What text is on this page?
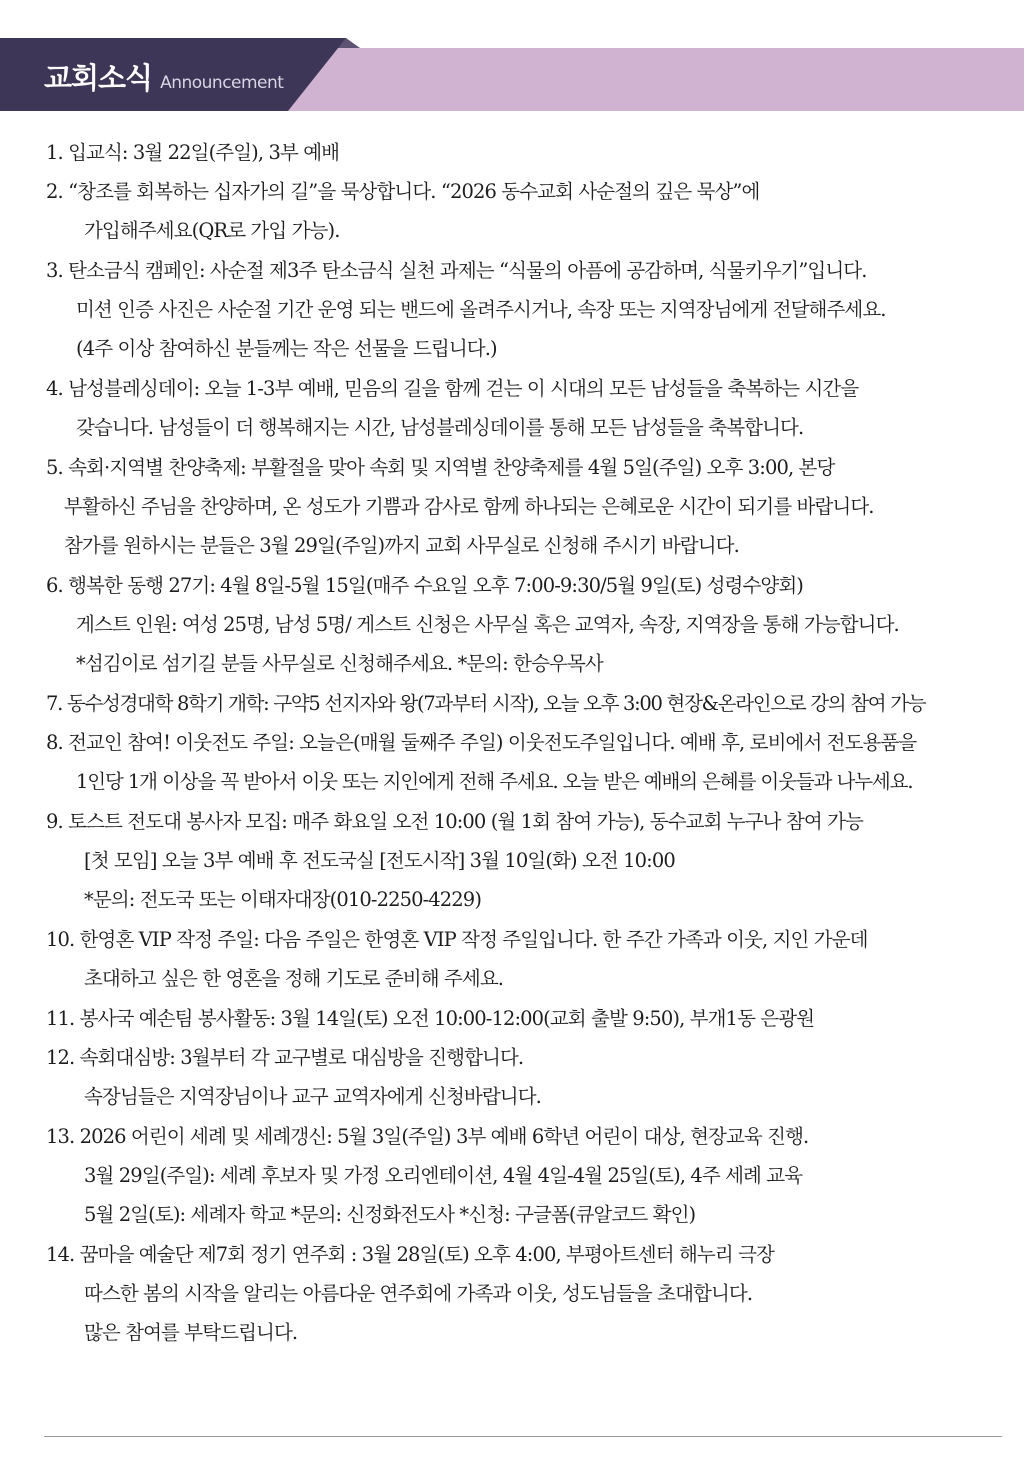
교회소식 Announcement
1. 입교식: 3월 22일(주일), 3부 예배
2. “창조를 회복하는 십자가의 길”을 묵상합니다. “2026 동수교회 사순절의 깊은 묵상”에
가입해주세요(QR로 가입 가능).
3. 탄소금식 캠페인: 사순절 제3주 탄소금식 실천 과제는 “식물의 아픔에 공감하며, 식물키우기”입니다.
미션 인증 사진은 사순절 기간 운영 되는 밴드에 올려주시거나, 속장 또는 지역장님에게 전달해주세요.
(4주 이상 참여하신 분들께는 작은 선물을 드립니다.)
4. 남성블레싱데이: 오늘 1-3부 예배, 믿음의 길을 함께 걷는 이 시대의 모든 남성들을 축복하는 시간을
갖습니다. 남성들이 더 행복해지는 시간, 남성블레싱데이를 통해 모든 남성들을 축복합니다.
5. 속회·지역별 찬양축제: 부활절을 맞아 속회 및 지역별 찬양축제를 4월 5일(주일) 오후 3:00, 본당
부활하신 주님을 찬양하며, 온 성도가 기쁨과 감사로 함께 하나되는 은혜로운 시간이 되기를 바랍니다.
참가를 원하시는 분들은 3월 29일(주일)까지 교회 사무실로 신청해 주시기 바랍니다.
6. 행복한 동행 27기: 4월 8일-5월 15일(매주 수요일 오후 7:00-9:30/5월 9일(토) 성령수양회)
게스트 인원: 여성 25명, 남성 5명/ 게스트 신청은 사무실 혹은 교역자, 속장, 지역장을 통해 가능합니다.
*섬김이로 섬기길 분들 사무실로 신청해주세요. *문의: 한승우목사
7. 동수성경대학 8학기 개학: 구약5 선지자와 왕(7과부터 시작), 오늘 오후 3:00 현장&온라인으로 강의 참여 가능
8. 전교인 참여! 이웃전도 주일: 오늘은(매월 둘째주 주일) 이웃전도주일입니다. 예배 후, 로비에서 전도용품을
1인당 1개 이상을 꼭 받아서 이웃 또는 지인에게 전해 주세요. 오늘 받은 예배의 은혜를 이웃들과 나누세요.
9. 토스트 전도대 봉사자 모집: 매주 화요일 오전 10:00 (월 1회 참여 가능), 동수교회 누구나 참여 가능
[첫 모임] 오늘 3부 예배 후 전도국실 [전도시작] 3월 10일(화) 오전 10:00
*문의: 전도국 또는 이태자대장(010-2250-4229)
10. 한영혼 VIP 작정 주일: 다음 주일은 한영혼 VIP 작정 주일입니다. 한 주간 가족과 이웃, 지인 가운데
초대하고 싶은 한 영혼을 정해 기도로 준비해 주세요.
11. 봉사국 예손팀 봉사활동: 3월 14일(토) 오전 10:00-12:00(교회 출발 9:50), 부개1동 은광원
12. 속회대심방: 3월부터 각 교구별로 대심방을 진행합니다.
속장님들은 지역장님이나 교구 교역자에게 신청바랍니다.
13. 2026 어린이 세례 및 세례갱신: 5월 3일(주일) 3부 예배 6학년 어린이 대상, 현장교육 진행.
3월 29일(주일): 세례 후보자 및 가정 오리엔테이션, 4월 4일-4월 25일(토), 4주 세례 교육
5월 2일(토): 세례자 학교 *문의: 신정화전도사 *신청: 구글폼(큐알코드 확인)
14. 꿈마을 예술단 제7회 정기 연주회 : 3월 28일(토) 오후 4:00, 부평아트센터 해누리 극장
따스한 봄의 시작을 알리는 아름다운 연주회에 가족과 이웃, 성도님들을 초대합니다.
많은 참여를 부탁드립니다.
